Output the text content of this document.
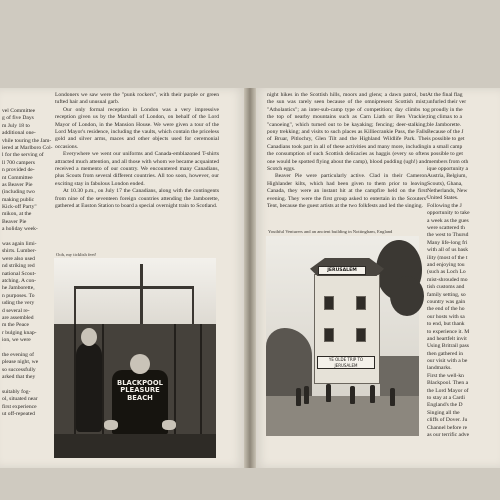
vel Committee
g of five Days
m July 18 to
additional one-
vhile touring the Jam-
iered at Marlboro Col-
l for the serving of
ll 700 campers
n provided de-
nt Committee
as Beaver Pie
(including two
making public
Kick-off Party"
mikon, at the
Beaver Pie
a holiday week-
was again limi-
shirts. Lumber-
were also used
nd striking red
national Scout-
atching. A con-
he Jamborette,
n purposes. To
uding the very
d several re-
are assembled
m the Peace
r bulging knap-
ion, we were
the evening of
please night, we
so successfully
arked that they
suitably fog-
ol, situated near
first experience
ut off-repeated

Londoners we saw were the "punk rockers", with their purple or green tufted hair and unusual garb.

Our only formal reception in London was a very impressive reception given us by the Marshall of London, on behalf of the Lord Mayor of London, in the Mansion House. We were given a tour of the Lord Mayor's residence, including the vaults, which contain the priceless gold and silver arms, maces and other objects used for ceremonial occasions.

Everywhere we went our uniforms and Canada-emblazoned T-shirts attracted much attention, and all those with whom we became acquainted received a memento of our country. We encountered many Canadians, plus Scouts from several different countries. All too soon, however, our exciting stay in fabulous London ended.

At 10.30 p.m., on July 17 the Canadians, along with the contingents from nine of the seventeen foreign countries attending the Jamborette, gathered at Euston Station to board a special overnight train to Scotland.

Ooh, my ticklish feet!
BLACKPOOL
PLEASURE
BEACH

night hikes in the Scottish hills, moors and glens; a dawn patrol, but the sun was rarely seen because of the omnipresent Scottish mist; "Atholantics"; an inter-sub-camp type of competition; day climbs to the top of nearby mountains such as Carn Liath or Ben Vrackie; "canoeing", which turned out to be kayaking; fencing; deer-stalking; pony trekking; and visits to such places as Killiecrankie Pass, the Falls of Bruar, Pitlochry, Glen Tilt and the Highland Wildlife Park. The Canadians took part in all of these activities and many more, including the consumption of such Scottish delicacies as haggis (every so often one would be spotted flying about the camp), blood pudding (ugh!) and Scotch eggs.

Beaver Pie were particularly active. Clad in their Cameron Highlander kilts, which had been given to them prior to leaving Canada, they were an instant hit at the campfire held on the first evening. They were the first group asked to entertain in the Scouters' Tent, because the guest artists at the two folkfests and led the singing.

At the final flag
unfurled their ver
g proudly in the
ting climax to a
ble Jamborette.
Because of the J
is possible to get
in a small camp
s possible to get
members from oth
ique opportunity a
Austria, Belgium,
Scouts), Ghana,
Netherlands, New
United States.
Following the J
opportunity to take
a week as the gues
were scattered th
the west to Thursd
Many life-long fri
with all of us bask
ility (most of the t
and enjoying tou
(such as Loch Lo
mist-shrouded mo
tish customs and
family setting, so
country was gain
the end of the ho
our hosts with sa
to end, but thank
to experience it. M
and heartfelt invit
Using Britrail pass
then gathered in
our visit with a be
landmarks.
First the well-kn
Blackpool. Then a
the Lord Mayor of
to stay at a Cardi
England's the D
Singing all the
cliffs of Dover. Ju
Channel before re
as our terrific adve
Youthful Venturers and an ancient building in Nottingham, England
JERUSALEM
YE OLDE TRIP TO
JERUSALEM
